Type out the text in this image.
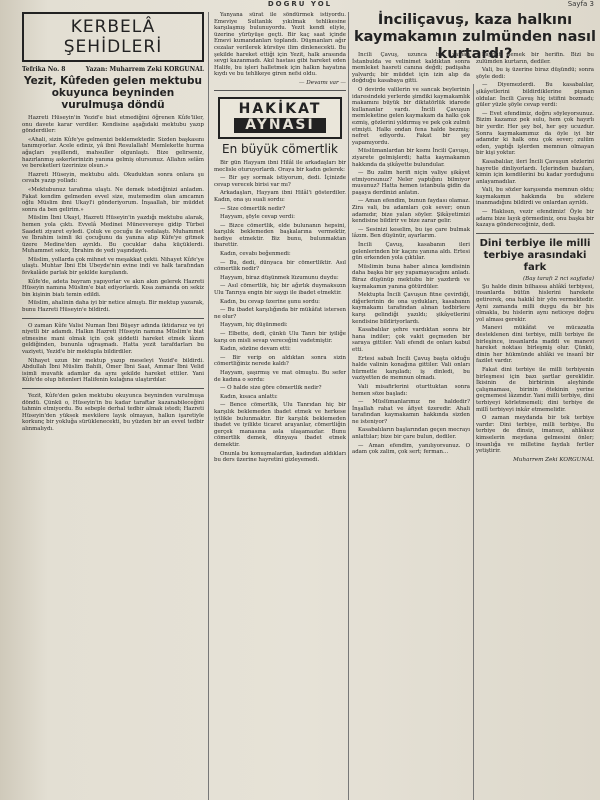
DOĞRU YOL	Sayfa 3
KERBELÂ ŞEHİDLERİ
Tefrika No. 8	Yazan: Muharrem Zeki KORGUNAL
Yezit, Kûfeden gelen mektubu okuyunca beyninden vurulmuşa döndü

Hazreti Hüseyin'in Yezid'e biat etmediğini öğrenen Kûfe'liler, onu davete karar verdiler. Kendisine aşağıdaki mektubu yazıp gönderdiler:

«Ahali, sizin Kûfe'ye gelmenizi beklemektedir. Sizden başkasını tanımıyorlar. Acele ediniz, yâ ibni Resulallah! Memlekette hurma ağaçları yeşillendi, mahsuller olgunlaştı. Bize gelirseniz, hazırlanmış askerlerinizin yanına gelmiş olursunuz. Allahın selâm ve bereketleri üzerinize olsun.»

Hazreti Hüseyin, mektubu aldı. Okuduktan sonra onlara şu cevabı yazıp yolladı:

«Mektubunuz tarafıma ulaştı. Ne demek istediğinizi anladım. Fakat kendim gelmeden evvel size, mutemedim olan amcamın oğlu Müslim ibni Ukayl'i gönderiyorum. İnşaallah, bir müddet sonra da ben gelirim.»

Müslim İbni Ukayl, Hazreti Hüseyin'in yazdığı mektubu alarak, hemen yola çıktı. Evvelâ Medinei Münevvereye gidip Türbei Saadeti ziyaret eyledi. Çoluk ve çocuğu ile vedalaştı. Muhammet ve İbrahim isimli iki çocuğunu da yanına alıp Kûfe'ye gitmek üzere Medine'den ayrıldı. Bu çocuklar daha küçüklerdi. Muhammet sekiz, İbrahim de yedi yaşındaydı.

Müslim, yollarda çok mihnet ve meşakkat çekti. Nihayet Kûfe'ye ulaştı. Muhtar İbni Ebi Ubeyde'nin evine indi ve halk tarafından fevkalâde parlak bir şekilde karşılandı.

Kûfe'de, adeta bayram yapıyorlar ve akın akın gelerek Hazreti Hüseyin namına Müslim'e biat ediyorlardı. Kısa zamanda on sekiz bin kişinin biatı temin edildi.

Müslim, ahalinin daha iyi bir netice almıştı. Bir mektup yazarak, bunu Hazreti Hüseyin'e bildirdi.

O zaman Kûfe Valisi Numan İbni Büşeyr adında iktidarsız ve iyi niyetli bir adamdı. Halkın Hazreti Hüseyin namına Müslim'e biat etmesine mani olmak için çok şiddetli hareket etmek lâzım geldiğinden, bununla uğraşmadı. Hatta yezit tarafdarları bu vaziyeti, Yezid'e bir mektupla bildirdiler.

Nihayet uzun bir mektup yazıp meseleyi Yezid'e bildirdi. Abdullah İbni Müslim Bahili, Ömer İbni Saat, Ammar İbni Velid isimli muvafık adamlar da aynı şekilde hareket ettiler. Yani Kûfe'de olup bitenleri Halifenin kulağına ulaştırdılar.

Yezit, Kûfe'den gelen mektubu okuyunca beyninden vurulmuşa döndü. Çünkü o, Hüseyin'in bu kadar taraftar kazanabileceğini tahmin etmiyordu. Bu sebeple derhal tedbir almak istedi; Hazreti Hüseyin'den yüksek mevkilere layık olmayan, halkın işaretiyle korkunç bir yokluğa sürüklenecekti, bu yüzden bir an evvel tedbir alınmalıydı.

Yanyana sürat ile söndürmek istiyordu. Emeviye Sultanlık yıkılmak tehlikesine karşılaşmış bulunuyordu. Yezit kendi eliyle, üzerine yürüyüşe geçti. Bir kaç saat içinde Emevi kumandanları toplandı. Düşmanları ağır cezalar verilerek kürsüye ilim dinlenecekti. Bu şekilde hareket ettiği için Yezit, halk arasında sevgi kazanmadı. Akıl hastası gibi hareket eden Halife, bu işleri halletmek için halkın hayatına kıydı ve bu tehlikeye giren nefsi oldu.

— Devamı var —
HAKİKAT
AYNASI
En büyük cömertlik

Bir gün Hayyam ibni Hilâl ile arkadaşları bir meclisle oturuyorlardı. Oraya bir kadın gelerek:

— Bir şey sormak istiyorum, dedi. İçinizde cevap verecek birisi var mı?

Arkadaşları, Hayyam ibni Hilâl'i gösterdiler. Kadın, ona şu suali sordu:

— Size cömertlik nedir?

Hayyam, şöyle cevap verdi:

— Bizce cömertlik, elde bulunanın hepsini, karşılık beklemeden başkalarına vermektir, hediye etmektir. Biz bunu, bulunmaktan ibarettir.

Kadın, cevabı beğenmedi:

— Bu, dedi, dünyaca bir cömertliktir. Asıl cömertlik nedir?

Hayyam, biraz düşünmek lüzumunu duydu:

— Asıl cömertlik, hiç bir ağırlık duymaksızın Ulu Tanrıya engin bir saygı ile ibadet etmektir.

Kadın, bu cevap üzerine şunu sordu:

— Bu ibadet karşılığında bir mükâfat istersen ne olur?

Hayyam, hiç düşünmedi:

— Elbette, dedi, çünkü Ulu Tanrı bir iyiliğe karşı on misli sevap vereceğini vadetmiştir.

Kadın, sözüne devam etti:

— Bir verip on aldıktan sonra sizin cömertliğiniz nerede kaldı?

Hayyam, şaşırmış ve mat olmuştu. Bu sefer de kadına o sordu:

— O halde size göre cömertlik nedir?

Kadın, kısaca anlattı:

— Bence cömertlik, Ulu Tanrıdan hiç bir karşılık beklemeden ibadet etmek ve herkese iyilikle bulunmaktır. Bir karşılık beklemeden ibadet ve iyilikte ticaret arayanlar, cömertliğin gerçek manasına asla ulaşamazlar. Bunu cömertlik demek, dünyaya ibadet etmek demektir.

Onunla bu konuşmalardan, kadından aldıkları bu ders üzerine hayretini gizleyemedi.

İnciliçavuş, kaza halkını kaymakamın zulmünden nasıl kurtardı?

İncili Çavuş, uzunca bir zaman İstanbulda ve velinimet kaldıktan sonra memleket hasreti canına değdi; padişaha yalvardı; bir müddet için izin alıp da doğduğu kasabaya gitti.

O devirde valilerin ve sancak beylerinin idaresindeki yerlerde şimdiki kaymakamlık makamını büyük bir diktatörlük idarede kullananlar vardı. İncili Çavuşun memleketine gelen kaymakam da halkı çok ezmiş, gözlerini yıldırmış ve pek çok zulmü etmişti. Halkı ondan fena halde bezmiş; nefret ediyordu. Fakat bir şey yapamıyordu.

Müslümanlardan bir kısmı İncili Çavuşu, ziyarete gelmişlerdi; hatta kaymakamın hakkında da şikâyette bulundular.

— Bu zalim herifi niçin valiye şikâyet etmiyorsunuz? Neler yaptığını bilmiyor musunuz? Hatta hemen istanbula gidin da paşaya derdinizi anlatın.

— Aman efendim, bunun faydası olamaz. Zira vali, bu adamları çok sever; onun adamıdır, bize yalan söyler. Şikâyetimizi kendisine bildirir ve bize zarar gelir.

— Sesinizi keselim, bu işe çare bulmak lâzım. Ben düşünür, ayarlarım.

İncili Çavuş, kasabanın ileri gelenlerinden bir kaçını yanına aldı. Ertesi gün erkenden yola çıktılar.

Müslimin buna haber alınca kendisinin daha başka bir şey yapamayacağını anladı. Biraz düşünüp mektubu bir yazdırdı ve kaymakamın yanına götürdüler.

Mektupta İncili Çavuşun fitne çevirdiği, diğerlerinin de ona uydukları, kasabanın kaymakamı tarafından alınan tedbirlere karşı gelindiği yazıldı; şikâyetlerini kendisine bildiriyorlardı.

Kasabalılar şehre vardıktan sonra bir hana indiler; çok vakit geçmeden bir saraya gittiler. Vali efendi de onları kabul etti.

Ertesi sabah İncili Çavuş başta olduğu halde valinin konağına gittiler. Vali onları hürmetle karşıladı; iş dinledi, bu vaziyetten de memnun olmadı.

Vali misafirlerini oturttuktan sonra hemen söze başladı:

— Müslümanlarımız ne haldedir? İnşallah rahat ve âfiyet üzeredir. Ahali tarafından kaymakamın hakkında sizden ne isteniyor?

Kasabalıların başlarından geçen mecrayı anlattılar; bize bir çare bulun, dediler.

— Aman efendim, yanılıyorsunuz. O adam çok zalim, çok sert; ferman...

haydut demek bir herifin. Bizi bu zulümden kurtarın, dediler.

Vali, bu iş üzerine biraz düşündü; sonra şöyle dedi:

— Diyemezlerdi. Bu kasabalılar, şikâyetlerini bildirdiklerine pişman oldular. İncili Çavuş hiç istifini bozmadı; güler yüzle şöyle cevap verdi:

— Evet efendimiz, doğru söyleyorsunuz. Bizim kazamız pek sulu, hem çok hayırlı bir yerdir. Her şey bol, her şey ucuzdur. Sonra kaymakamımız da öyle iyi bir adamdır ki halk onu çok sever; zulüm eden, yaptığı işlerden memnun olmayan bir kişi yoktur.

Kasabalılar, ileri İncili Çavuşun sözlerini hayretle dinliyorlardı. İçlerinden bazıları, kimin için kendilerini bu kadar yorduğunu anlayamadılar.

Vali, bu sözler karşısında memnun oldu; kaymakamın hakkında bu sözlere inanmadığını bildirdi ve onlardan ayrıldı.

— Haklısın, vezir efendimiz! Öyle bir adamı bize layık görmediniz, onu başka bir kazaya göndereceğiniz, dedi.

Dini terbiye ile milli terbiye arasındaki fark
(Baş tarafı 2 nci sayfada)

Şu halde dinin bilhassa ahlâkî terbiyesi, insanlarda bütün hislerini harekete getirerek, ona hakikî bir yön vermektedir. Ayni zamanda milli duygu da bir his olmakla, bu hislerin aynı neticeye doğru yol alması gerekir.

Manevi mükâfat ve mücazatla desteklenen dini terbiye, milli terbiye ile birleşince, insanlarda maddi ve manevi hareket noktası birleşmiş olur. Çünkü, dinin her hükmünde ahlâki ve insanî bir fazilet vardır.

Fakat dini terbiye ile milli terbiyenin birleşmesi için bazı şartlar gereklidir. İkisinin de birbirinin aleyhinde çalışmaması, birinin ötekinin yerine geçmemesi lâzımdır. Yani milli terbiye, dini terbiyeyi körletmemeli; dini terbiye de millî terbiyeyi inkâr etmemelidir.

O zaman meydanda bir tek terbiye vardır: Dini terbiye, milli terbiye. Bu terbiye de dinsiz, imansız, ahlâksız kimselerin meydana gelmesini önler; insanlığa ve milletine faydalı fertler yetiştirir.

Muharrem Zeki KORGUNAL
